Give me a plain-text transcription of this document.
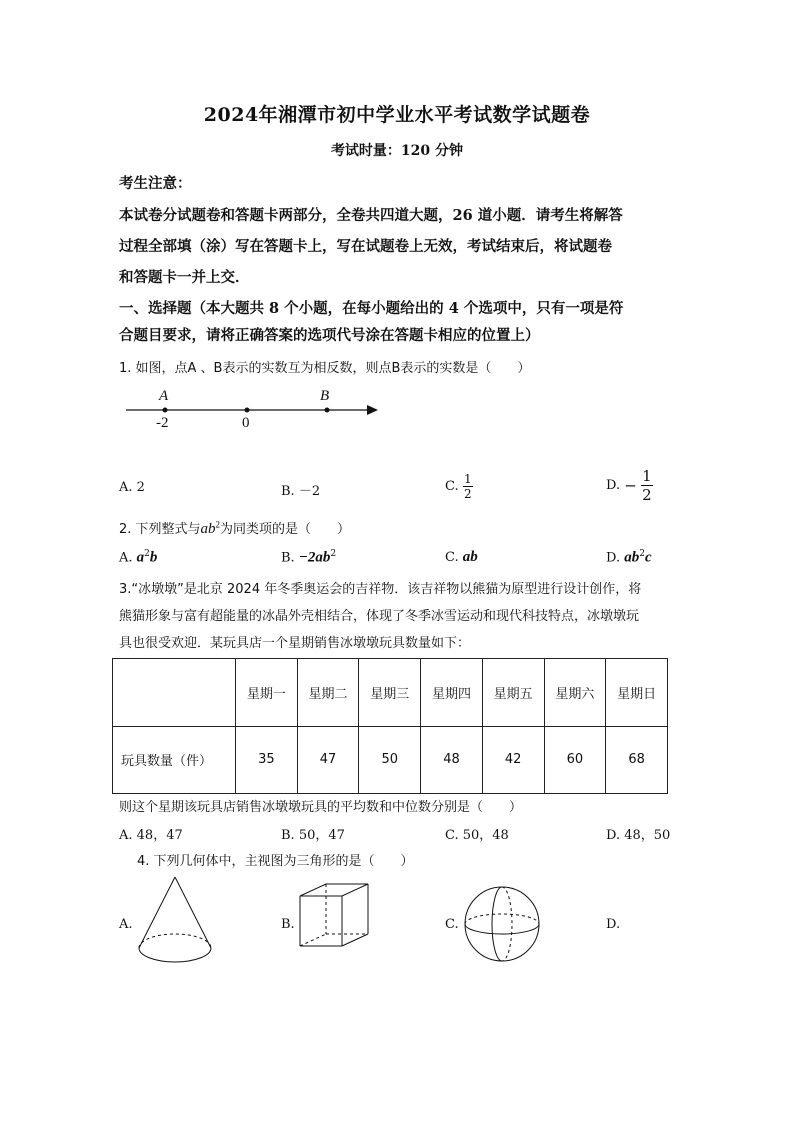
2024年湘潭市初中学业水平考试数学试题卷
考试时量：120 分钟
考生注意：
本试卷分试题卷和答题卡两部分，全卷共四道大题，26 道小题．请考生将解答
过程全部填（涂）写在答题卡上，写在试题卷上无效，考试结束后，将试题卷
和答题卡一并上交．
一、选择题（本大题共 8 个小题，在每小题给出的 4 个选项中，只有一项是符
合题目要求，请将正确答案的选项代号涂在答题卡相应的位置上）
1. 如图，点A 、B表示的实数互为相反数，则点B表示的实数是（　　）
A	B
-2	0
A. 2	B. －2	C. $\frac{1}{2}$	D. − $\frac{1}{2}$
2. 下列整式与$ab^2$为同类项的是（　　）
A. $a^2b$	B. $-2ab^2$	C. ab	D. $ab^2c$
3.“冰墩墩”是北京 2024 年冬季奥运会的吉祥物．该吉祥物以熊猫为原型进行设计创作，将
熊猫形象与富有超能量的冰晶外壳相结合，体现了冬季冰雪运动和现代科技特点，冰墩墩玩
具也很受欢迎．某玩具店一个星期销售冰墩墩玩具数量如下：
	星期一	星期二	星期三	星期四	星期五	星期六	星期日
玩具数量（件）	35	47	50	48	42	60	68
则这个星期该玩具店销售冰墩墩玩具的平均数和中位数分别是（　　）
A. 48，47	B. 50，47	C. 50，48	D. 48，50
4. 下列几何体中，主视图为三角形的是（　　）
A.	B.	C.	D.
